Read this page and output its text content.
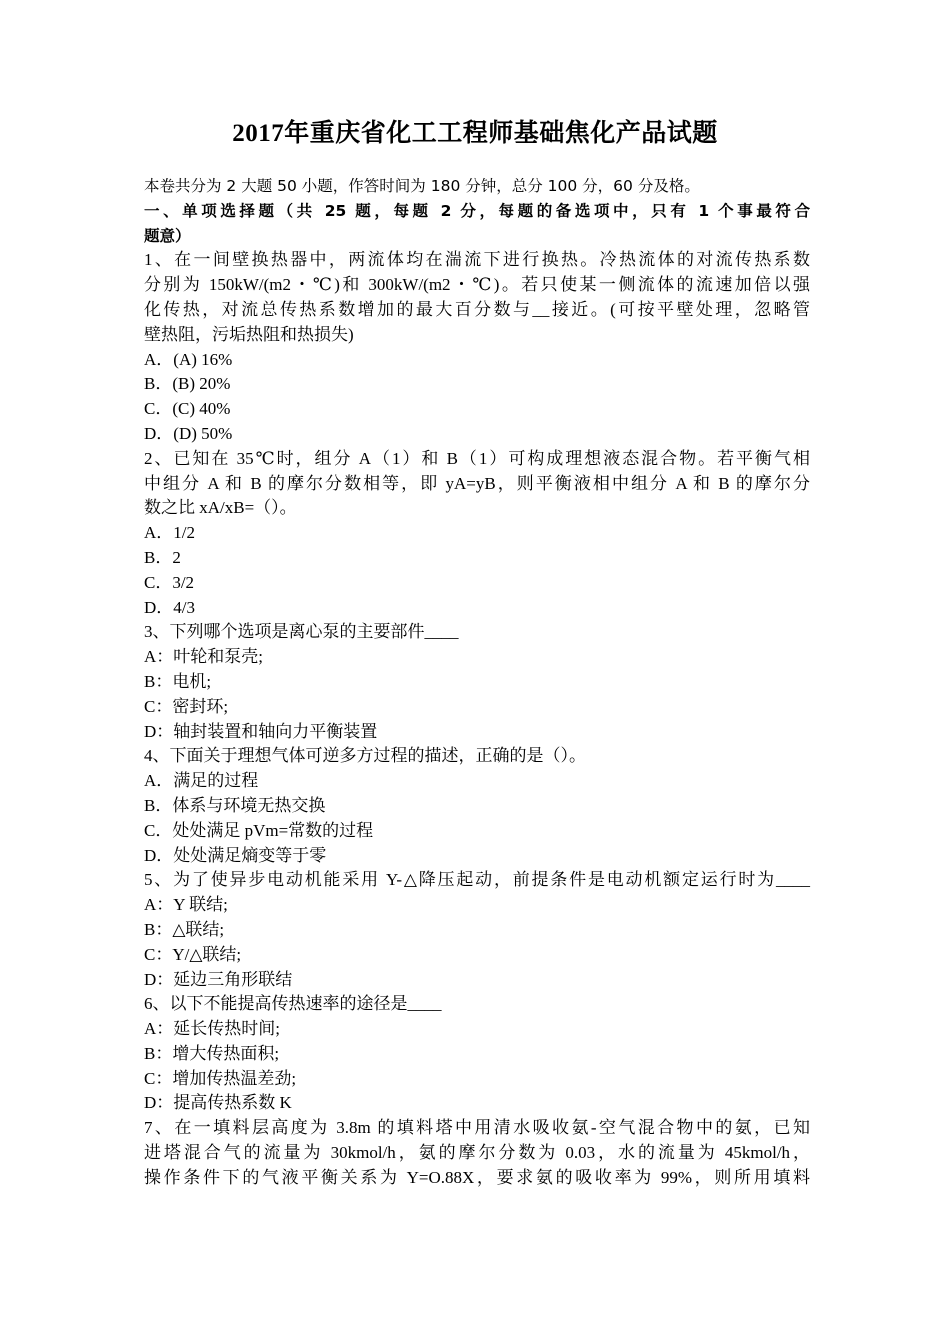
2017年重庆省化工工程师基础焦化产品试题
本卷共分为 2 大题 50 小题，作答时间为 180 分钟，总分 100 分，60 分及格。
一、单项选择题（共 25 题，每题 2 分，每题的备选项中，只有 1 个事最符合
题意）
1、在一间壁换热器中，两流体均在湍流下进行换热。冷热流体的对流传热系数
分别为 150kW/(m2・℃)和 300kW/(m2・℃)。若只使某一侧流体的流速加倍以强
化传热，对流总传热系数增加的最大百分数与__接近。(可按平壁处理，忽略管
壁热阻，污垢热阻和热损失)
A．(A) 16%
B．(B) 20%
C．(C) 40%
D．(D) 50%
2、已知在 35℃时，组分 A（1）和 B（1）可构成理想液态混合物。若平衡气相
中组分 A 和 B 的摩尔分数相等，即 yA=yB，则平衡液相中组分 A 和 B 的摩尔分
数之比 xA/xB=（）。
A．1/2
B．2
C．3/2
D．4/3
3、下列哪个选项是离心泵的主要部件____
A：叶轮和泵壳;
B：电机;
C：密封环;
D：轴封装置和轴向力平衡装置
4、下面关于理想气体可逆多方过程的描述，正确的是（）。
A．满足的过程
B．体系与环境无热交换
C．处处满足 pVm=常数的过程
D．处处满足熵变等于零
5、为了使异步电动机能采用 Y-△降压起动，前提条件是电动机额定运行时为____
A：Y 联结;
B：△联结;
C：Y/△联结;
D：延边三角形联结
6、以下不能提高传热速率的途径是____
A：延长传热时间;
B：增大传热面积;
C：增加传热温差劲;
D：提高传热系数 K
7、在一填料层高度为 3.8m 的填料塔中用清水吸收氨-空气混合物中的氨，已知
进塔混合气的流量为 30kmol/h，氨的摩尔分数为 0.03，水的流量为 45kmol/h，
操作条件下的气液平衡关系为 Y=O.88X，要求氨的吸收率为 99%，则所用填料
